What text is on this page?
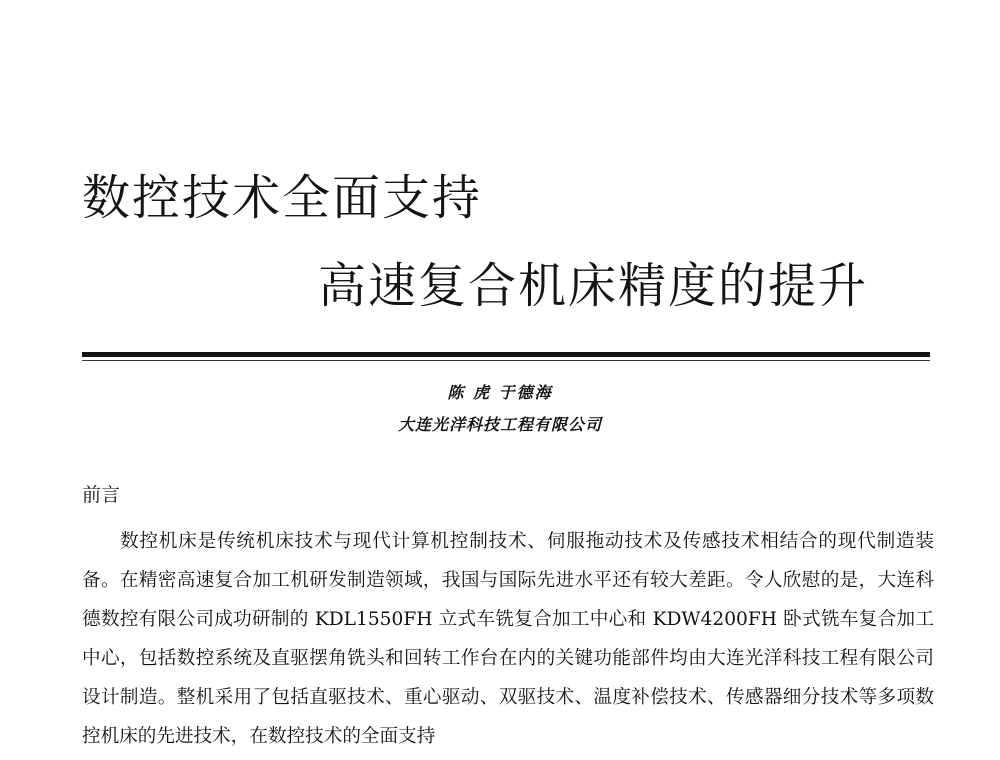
数控技术全面支持
高速复合机床精度的提升
陈 虎 于德海
大连光洋科技工程有限公司
前言

数控机床是传统机床技术与现代计算机控制技术、伺服拖动技术及传感技术相结合的现代制造装备。在精密高速复合加工机研发制造领域，我国与国际先进水平还有较大差距。令人欣慰的是，大连科德数控有限公司成功研制的 KDL1550FH 立式车铣复合加工中心和 KDW4200FH 卧式铣车复合加工中心，包括数控系统及直驱摆角铣头和回转工作台在内的关键功能部件均由大连光洋科技工程有限公司设计制造。整机采用了包括直驱技术、重心驱动、双驱技术、温度补偿技术、传感器细分技术等多项数控机床的先进技术，在数控技术的全面支持
